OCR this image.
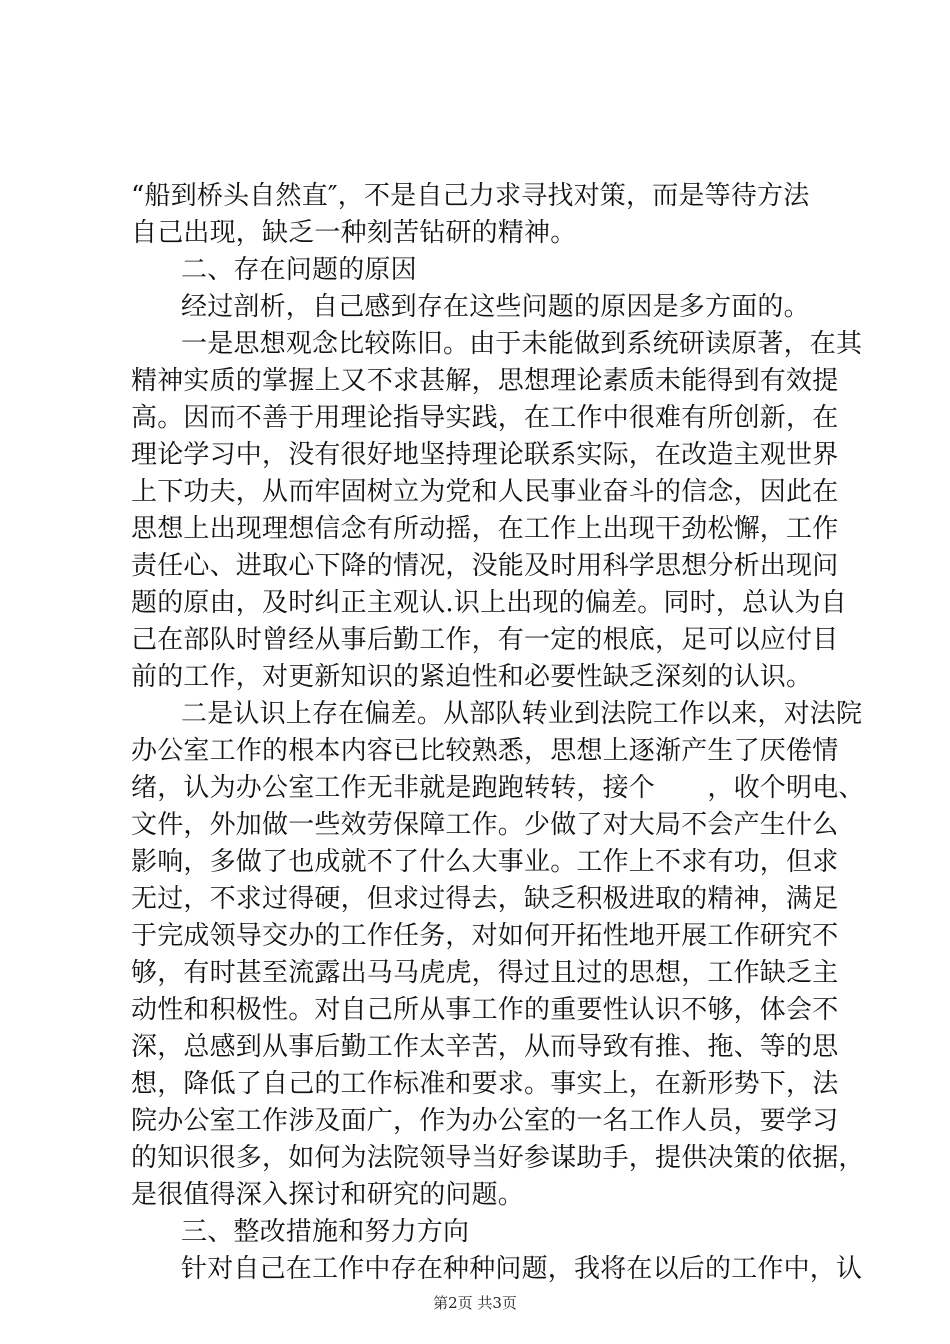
“船到桥头自然直″，不是自己力求寻找对策，而是等待方法
自己出现，缺乏一种刻苦钻研的精神。
二、存在问题的原因
经过剖析，自己感到存在这些问题的原因是多方面的。
一是思想观念比较陈旧。由于未能做到系统研读原著，在其
精神实质的掌握上又不求甚解，思想理论素质未能得到有效提
高。因而不善于用理论指导实践，在工作中很难有所创新，在
理论学习中，没有很好地坚持理论联系实际，在改造主观世界
上下功夫，从而牢固树立为党和人民事业奋斗的信念，因此在
思想上出现理想信念有所动摇，在工作上出现干劲松懈，工作
责任心、进取心下降的情况，没能及时用科学思想分析出现问
题的原由，及时纠正主观认.识上出现的偏差。同时，总认为自
己在部队时曾经从事后勤工作，有一定的根底，足可以应付目
前的工作，对更新知识的紧迫性和必要性缺乏深刻的认识。
二是认识上存在偏差。从部队转业到法院工作以来，对法院
办公室工作的根本内容已比较熟悉，思想上逐渐产生了厌倦情
绪，认为办公室工作无非就是跑跑转转，接个　　，收个明电、
文件，外加做一些效劳保障工作。少做了对大局不会产生什么
影响，多做了也成就不了什么大事业。工作上不求有功，但求
无过，不求过得硬，但求过得去，缺乏积极进取的精神，满足
于完成领导交办的工作任务，对如何开拓性地开展工作研究不
够，有时甚至流露出马马虎虎，得过且过的思想，工作缺乏主
动性和积极性。对自己所从事工作的重要性认识不够，体会不
深，总感到从事后勤工作太辛苦，从而导致有推、拖、等的思
想，降低了自己的工作标准和要求。事实上，在新形势下，法
院办公室工作涉及面广，作为办公室的一名工作人员，要学习
的知识很多，如何为法院领导当好参谋助手，提供决策的依据，
是很值得深入探讨和研究的问题。
三、整改措施和努力方向
针对自己在工作中存在种种问题，我将在以后的工作中，认
第2页 共3页
